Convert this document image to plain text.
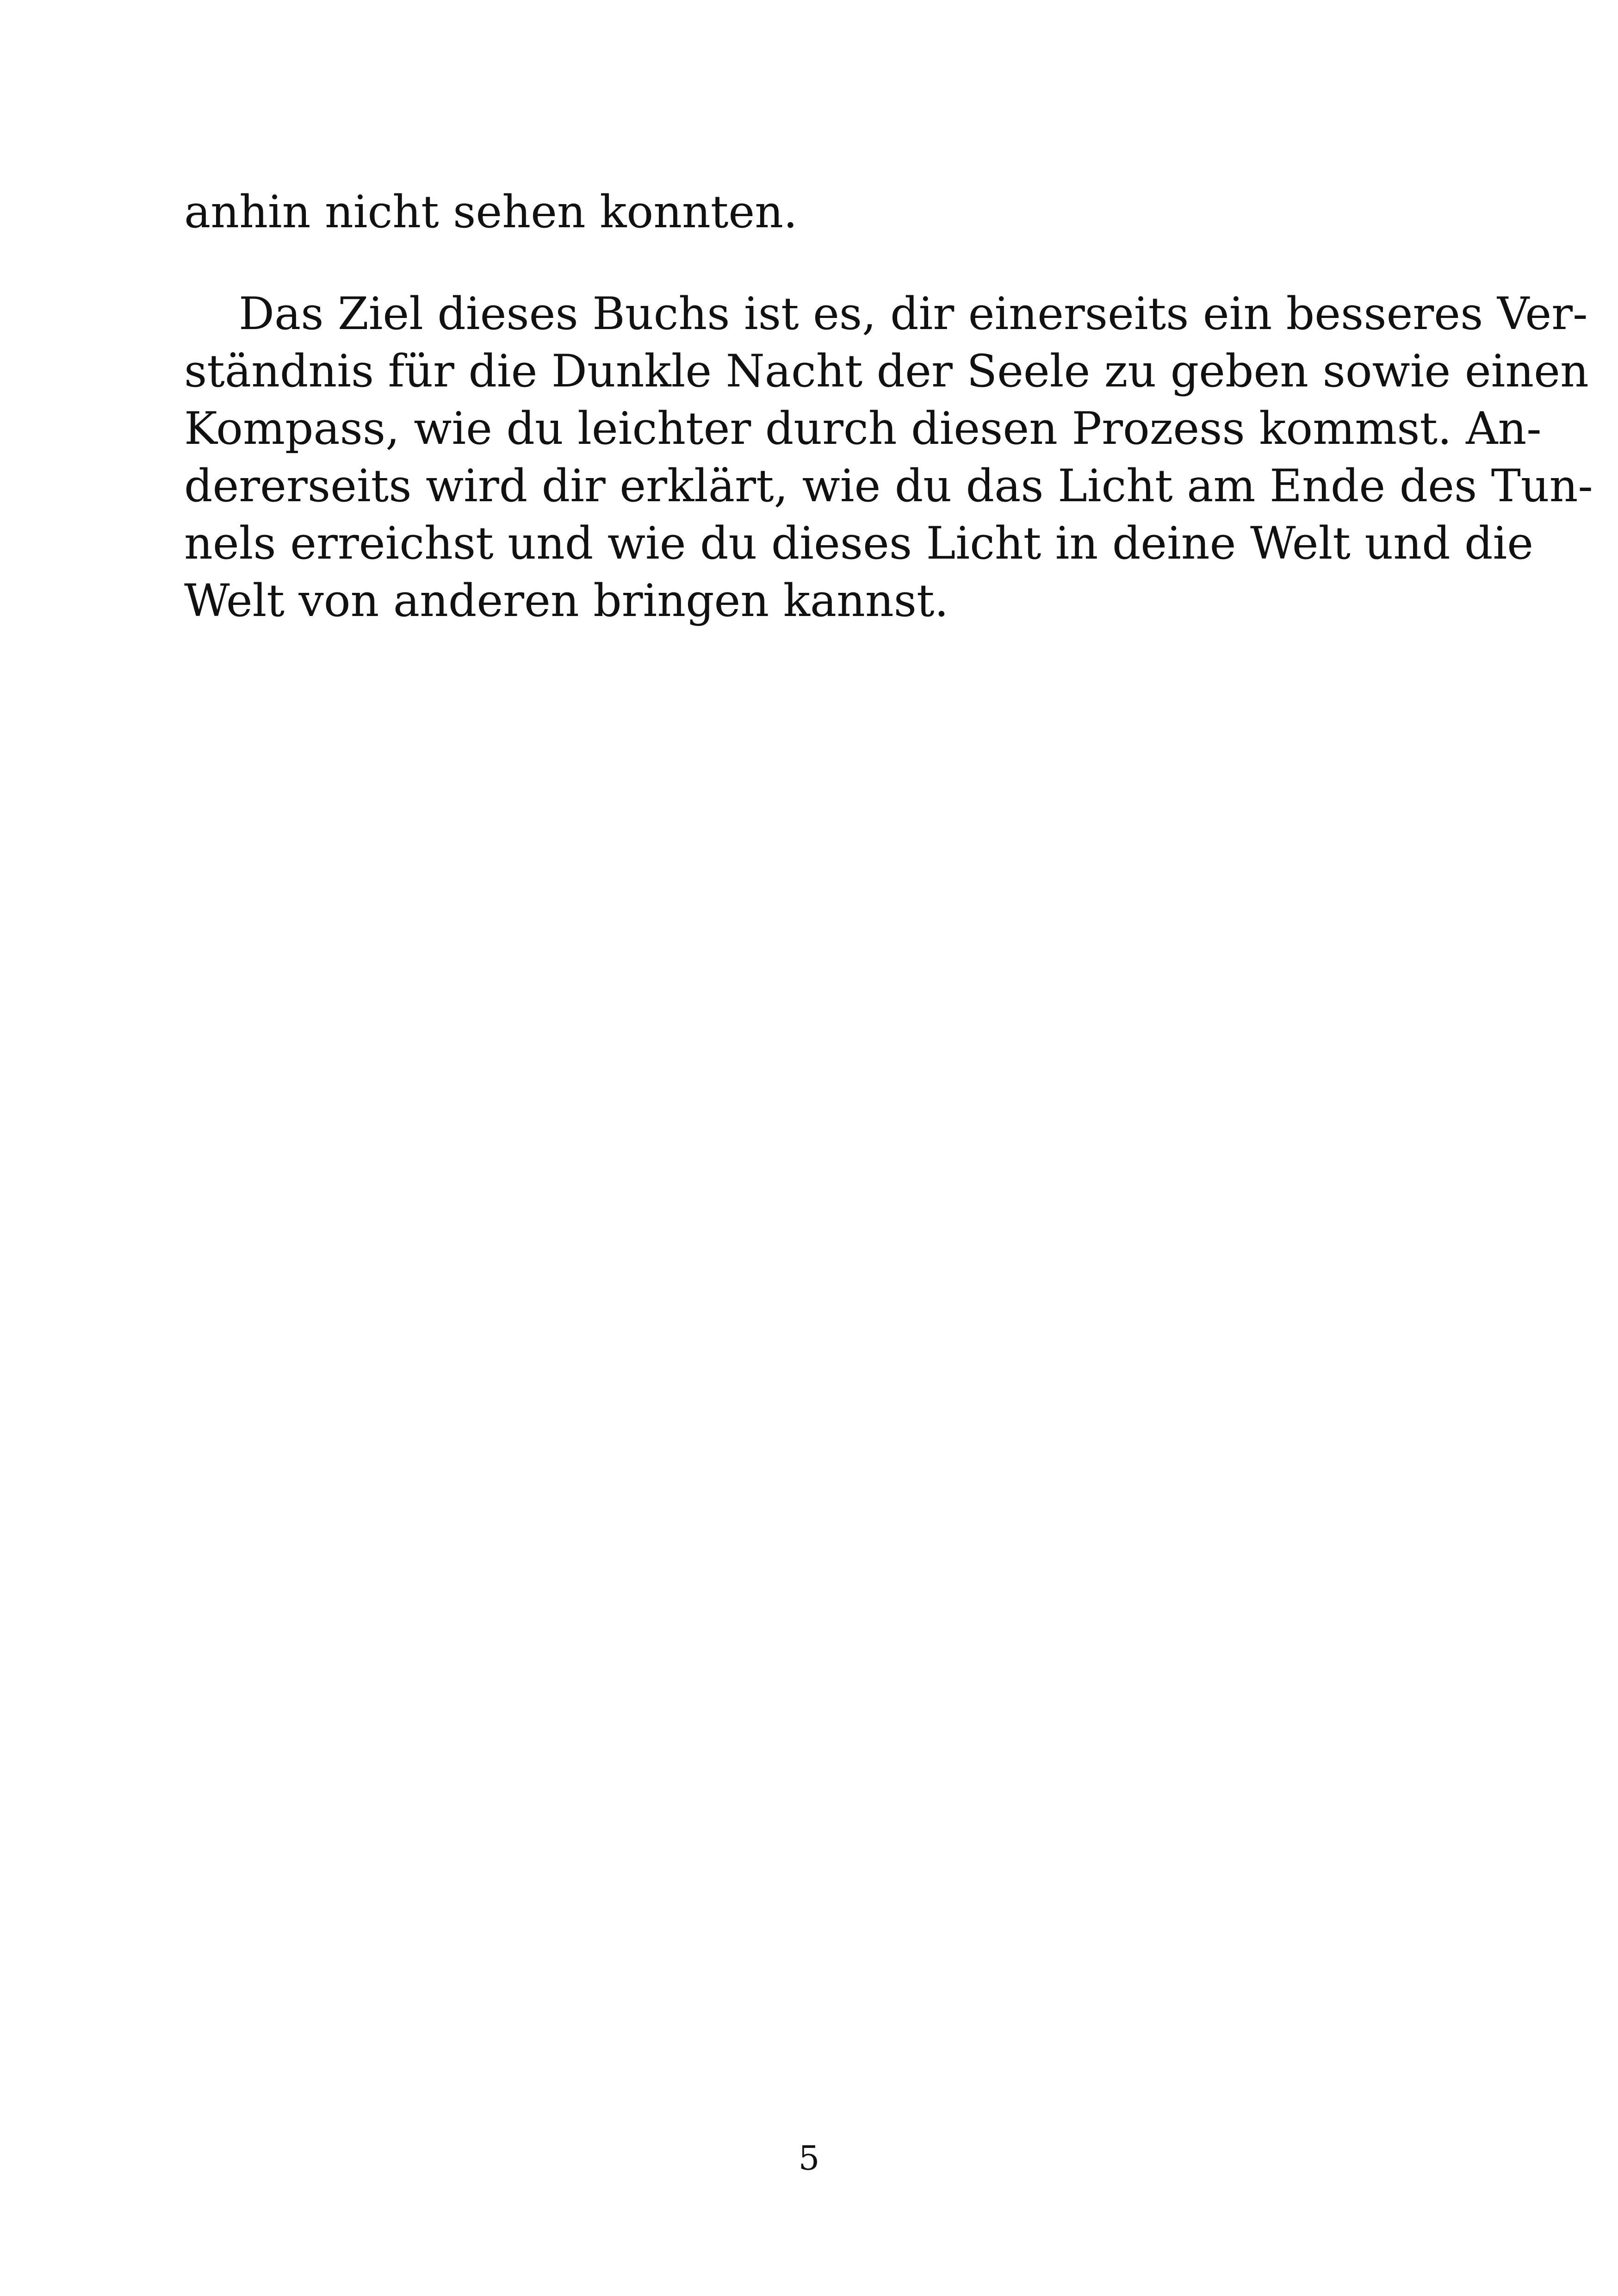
anhin nicht sehen konnten.
Das Ziel dieses Buchs ist es, dir einerseits ein besseres Ver-
ständnis für die Dunkle Nacht der Seele zu geben sowie einen
Kompass, wie du leichter durch diesen Prozess kommst. An-
dererseits wird dir erklärt, wie du das Licht am Ende des Tun-
nels erreichst und wie du dieses Licht in deine Welt und die
Welt von anderen bringen kannst.
5
